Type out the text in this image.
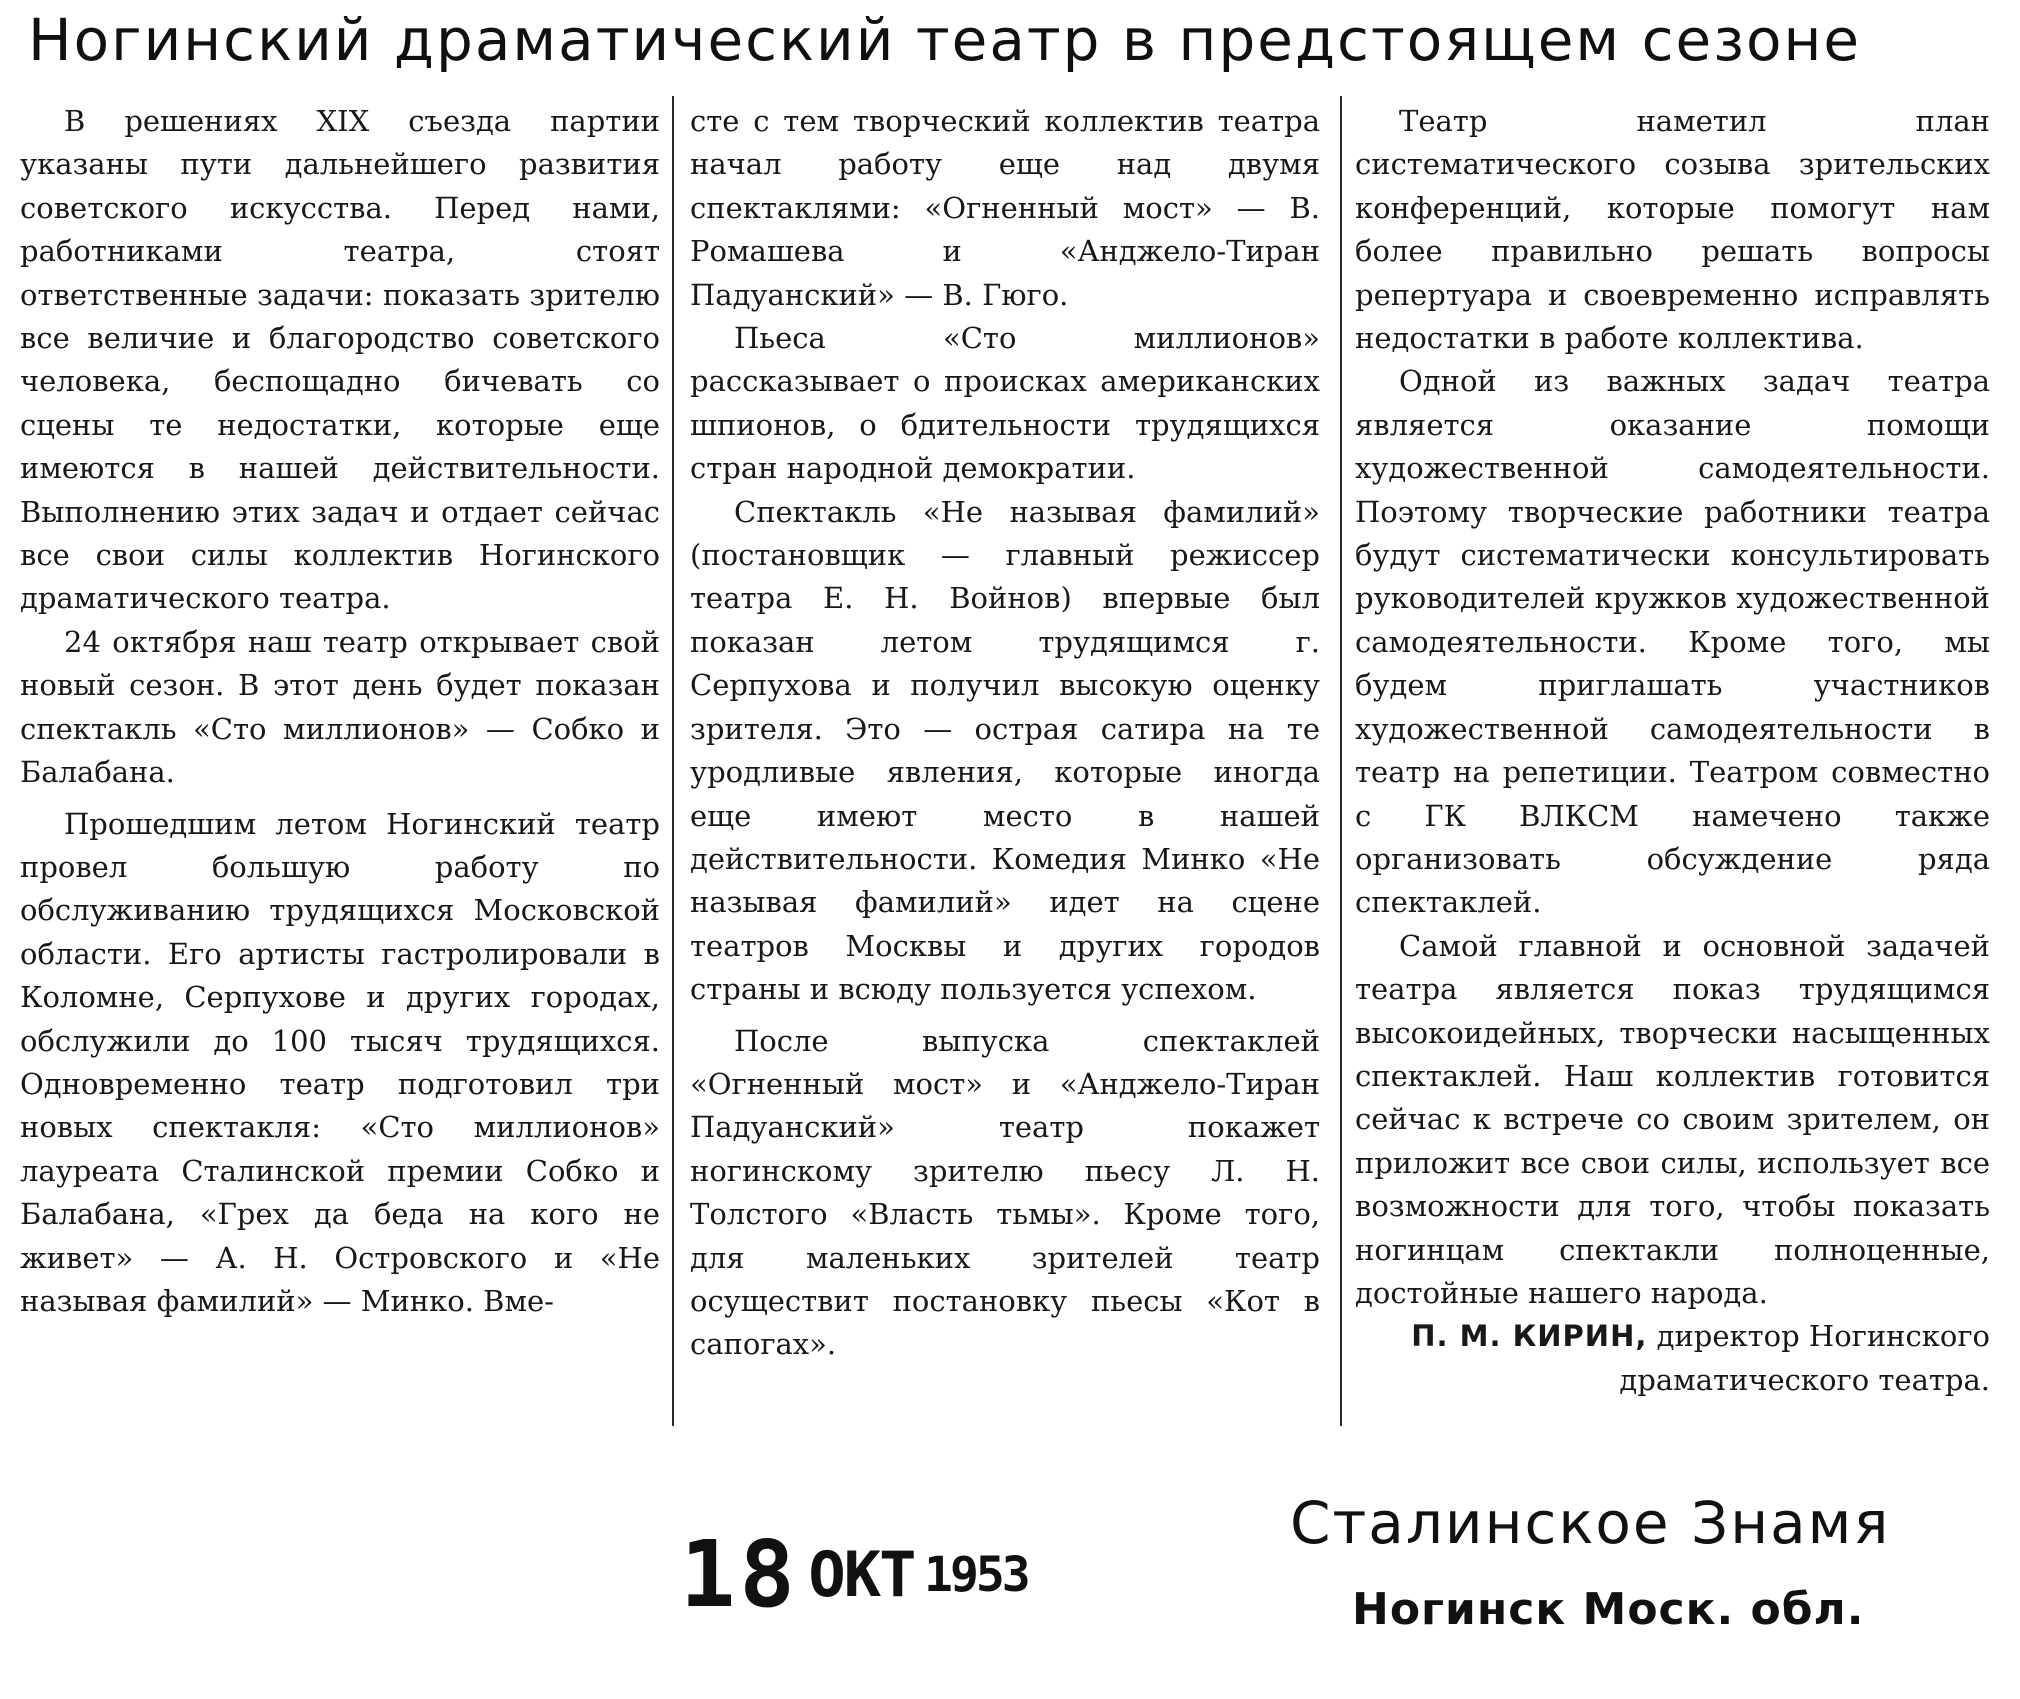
Ногинский драматический театр в предстоящем сезоне

В решениях XIX съезда партии указаны пути дальнейшего развития советского искусства. Перед нами, работниками театра, стоят ответственные задачи: показать зрителю все величие и благородство советского человека, беспощадно бичевать со сцены те недостатки, которые еще имеются в нашей действительности. Выполнению этих задач и отдает сейчас все свои силы коллектив Ногинского драматического театра.

24 октября наш театр открывает свой новый сезон. В этот день будет показан спектакль «Сто миллионов» — Собко и Балабана.

Прошедшим летом Ногинский театр провел большую работу по обслуживанию трудящихся Московской области. Его артисты гастролировали в Коломне, Серпухове и других городах, обслужили до 100 тысяч трудящихся. Одновременно театр подготовил три новых спектакля: «Сто миллионов» лауреата Сталинской премии Собко и Балабана, «Грех да беда на кого не живет» — А. Н. Островского и «Не называя фамилий» — Минко. Вме-

сте с тем творческий коллектив театра начал работу еще над двумя спектаклями: «Огненный мост» — В. Ромашева и «Анджело-Тиран Падуанский» — В. Гюго.

Пьеса «Сто миллионов» рассказывает о происках американских шпионов, о бдительности трудящихся стран народной демократии.

Спектакль «Не называя фамилий» (постановщик — главный режиссер театра Е. Н. Войнов) впервые был показан летом трудящимся г. Серпухова и получил высокую оценку зрителя. Это — острая сатира на те уродливые явления, которые иногда еще имеют место в нашей действительности. Комедия Минко «Не называя фамилий» идет на сцене театров Москвы и других городов страны и всюду пользуется успехом.

После выпуска спектаклей «Огненный мост» и «Анджело-Тиран Падуанский» театр покажет ногинскому зрителю пьесу Л. Н. Толстого «Власть тьмы». Кроме того, для маленьких зрителей театр осуществит постановку пьесы «Кот в сапогах».

Театр наметил план систематического созыва зрительских конференций, которые помогут нам более правильно решать вопросы репертуара и своевременно исправлять недостатки в работе коллектива.

Одной из важных задач театра является оказание помощи художественной самодеятельности. Поэтому творческие работники театра будут систематически консультировать руководителей кружков художественной самодеятельности. Кроме того, мы будем приглашать участников художественной самодеятельности в театр на репетиции. Театром совместно с ГК ВЛКСМ намечено также организовать обсуждение ряда спектаклей.

Самой главной и основной задачей театра является показ трудящимся высокоидейных, творчески насыщенных спектаклей. Наш коллектив готовится сейчас к встрече со своим зрителем, он приложит все свои силы, использует все возможности для того, чтобы показать ногинцам спектакли полноценные, достойные нашего народа.

П. М. КИРИН, директор Ногинского драматического театра.

18 ОКТ 1953
Сталинское Знамя
Ногинск Моск. обл.
